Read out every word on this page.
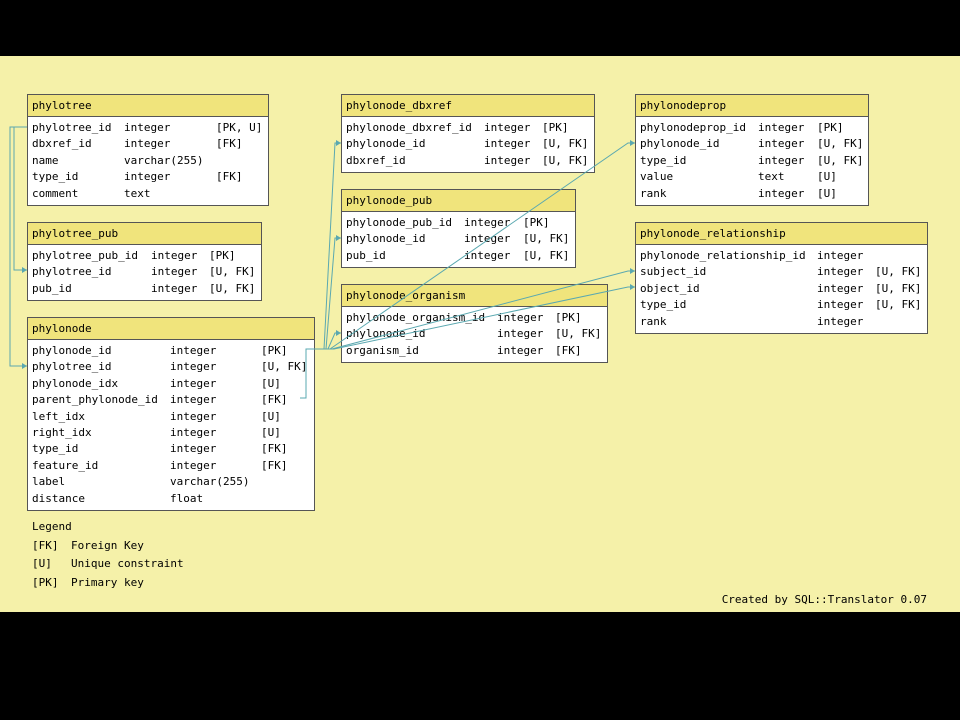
phylotree
phylotree_id integer	[PK, U]
dbxref_id	integer	[FK]
name	varchar(255)
type_id	integer	[FK]
comment	text
phylotree_pub
phylotree_pub_id integer [PK]
phylotree_id	integer [U, FK]
pub_id	integer [U, FK]
phylonode
phylonode_id	integer	[PK]
phylotree_id	integer	[U, FK]
phylonode_idx	integer	[U]
parent_phylonode_id integer	[FK]
left_idx	integer	[U]
right_idx	integer	[U]
type_id	integer	[FK]
feature_id	integer	[FK]
label	varchar(255)
distance	float
phylonode_dbxref
phylonode_dbxref_id integer [PK]
phylonode_id	integer [U, FK]
dbxref_id	integer [U, FK]
phylonode_pub
phylonode_pub_id integer [PK]
phylonode_id	integer [U, FK]
pub_id	integer [U, FK]
phylonode_organism
phylonode_organism_id integer [PK]
phylonode_id	integer [U, FK]
organism_id	integer [FK]
phylonodeprop
phylonodeprop_id integer [PK]
phylonode_id	integer [U, FK]
type_id	integer [U, FK]
value	text	[U]
rank	integer [U]
phylonode_relationship
phylonode_relationship_id integer
subject_id	integer [U, FK]
object_id	integer [U, FK]
type_id	integer [U, FK]
rank	integer
Legend
[FK] Foreign Key
[U] Unique constraint
[PK] Primary key
Created by SQL::Translator 0.07
